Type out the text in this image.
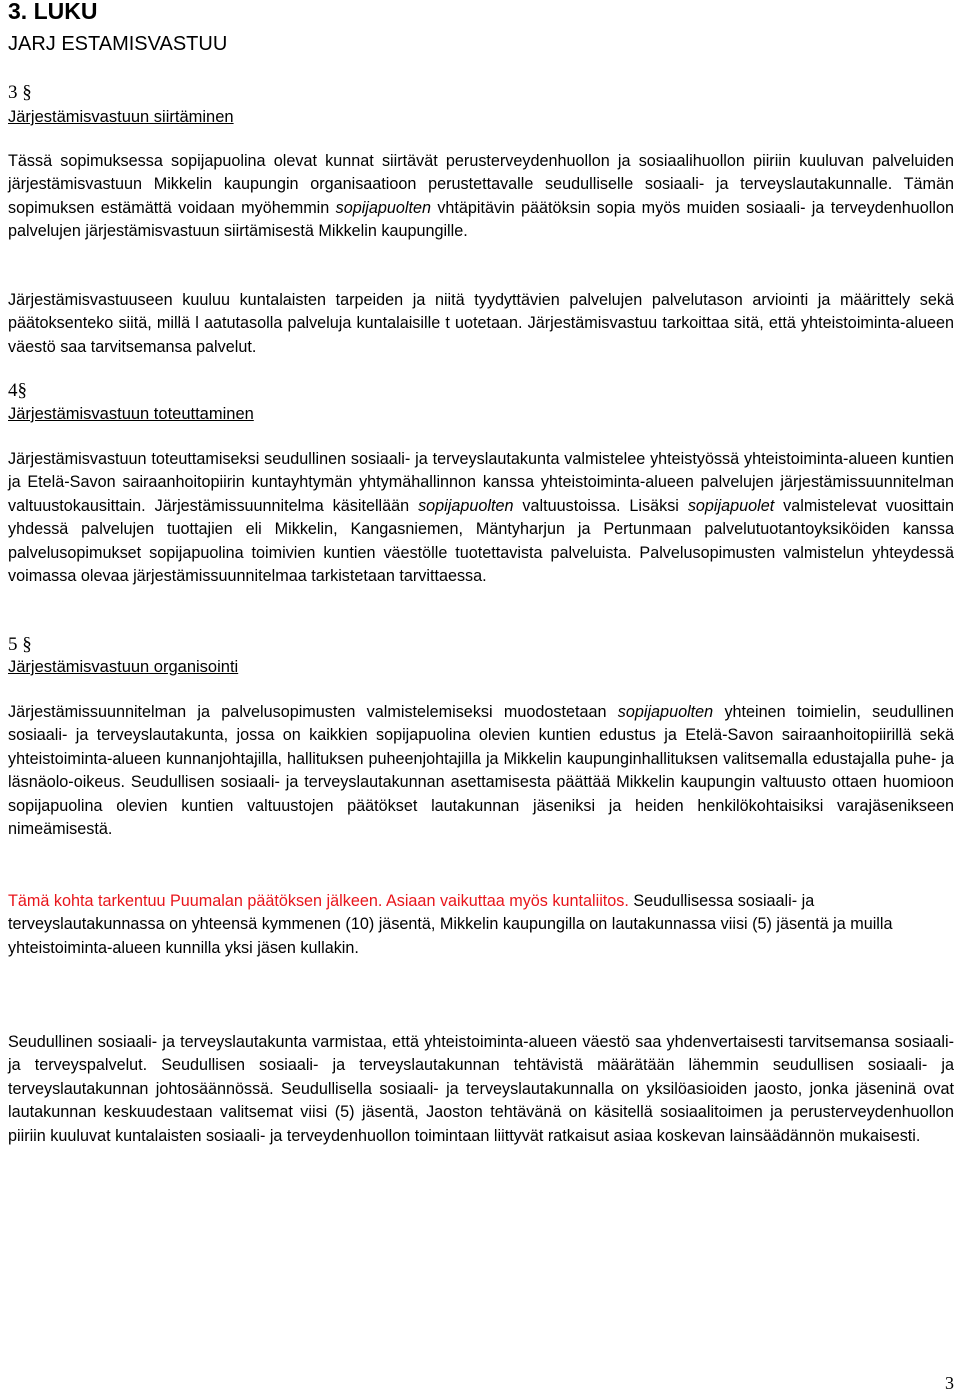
3. LUKU
JARJ ESTAMISVASTUU
3 §
Järjestämisvastuun siirtäminen

Tässä sopimuksessa sopijapuolina olevat kunnat siirtävät perusterveydenhuollon ja sosiaalihuollon piiriin kuuluvan palveluiden järjestämisvastuun Mikkelin kaupungin organisaatioon perustettavalle seudulliselle sosiaali- ja terveyslautakunnalle. Tämän sopimuksen estämättä voidaan myöhemmin sopijapuolten vhtäpitävin päätöksin sopia myös muiden sosiaali- ja terveydenhuollon palvelujen järjestämisvastuun siirtämisestä Mikkelin kaupungille.

Järjestämisvastuuseen kuuluu kuntalaisten tarpeiden ja niitä tyydyttävien palvelujen palvelutason arviointi ja määrittely sekä päätoksenteko siitä, millä l aatutasolla palveluja kuntalaisille t uotetaan. Järjestämisvastuu tarkoittaa sitä, että yhteistoiminta-alueen väestö saa tarvitsemansa palvelut.

4§
Järjestämisvastuun toteuttaminen

Järjestämisvastuun toteuttamiseksi seudullinen sosiaali- ja terveyslautakunta valmistelee yhteistyössä yhteistoiminta-alueen kuntien ja Etelä-Savon sairaanhoitopiirin kuntayhtymän yhtymähallinnon kanssa yhteistoiminta-alueen palvelujen järjestämissuunnitelman valtuustokausittain. Järjestämissuunnitelma käsitellään sopijapuolten valtuustoissa. Lisäksi sopijapuolet valmistelevat vuosittain yhdessä palvelujen tuottajien eli Mikkelin, Kangasniemen, Mäntyharjun ja Pertunmaan palvelutuotantoyksiköiden kanssa palvelusopimukset sopijapuolina toimivien kuntien väestölle tuotettavista palveluista. Palvelusopimusten valmistelun yhteydessä voimassa olevaa järjestämissuunnitelmaa tarkistetaan tarvittaessa.

5 §
Järjestämisvastuun organisointi

Järjestämissuunnitelman ja palvelusopimusten valmistelemiseksi muodostetaan sopijapuolten yhteinen toimielin, seudullinen sosiaali- ja terveyslautakunta, jossa on kaikkien sopijapuolina olevien kuntien edustus ja Etelä-Savon sairaanhoitopiirillä sekä yhteistoiminta-alueen kunnanjohtajilla, hallituksen puheenjohtajilla ja Mikkelin kaupunginhallituksen valitsemalla edustajalla puhe- ja läsnäolo-oikeus. Seudullisen sosiaali- ja terveyslautakunnan asettamisesta päättää Mikkelin kaupungin valtuusto ottaen huomioon sopijapuolina olevien kuntien valtuustojen päätökset lautakunnan jäseniksi ja heiden henkilökohtaisiksi varajäsenikseen nimeämisestä.

Tämä kohta tarkentuu Puumalan päätöksen jälkeen. Asiaan vaikuttaa myös kuntaliitos. Seudullisessa sosiaali- ja terveyslautakunnassa on yhteensä kymmenen (10) jäsentä, Mikkelin kaupungilla on lautakunnassa viisi (5) jäsentä ja muilla yhteistoiminta-alueen kunnilla yksi jäsen kullakin.

Seudullinen sosiaali- ja terveyslautakunta varmistaa, että yhteistoiminta-alueen väestö saa yhdenvertaisesti tarvitsemansa sosiaali- ja terveyspalvelut. Seudullisen sosiaali- ja terveyslautakunnan tehtävistä määrätään lähemmin seudullisen sosiaali- ja terveyslautakunnan johtosäännössä. Seudullisella sosiaali- ja terveyslautakunnalla on yksilöasioiden jaosto, jonka jäseninä ovat lautakunnan keskuudestaan valitsemat viisi (5) jäsentä, Jaoston tehtävänä on käsitellä sosiaalitoimen ja perusterveydenhuollon piiriin kuuluvat kuntalaisten sosiaali- ja terveydenhuollon toimintaan liittyvät ratkaisut asiaa koskevan lainsäädännön mukaisesti.

3
